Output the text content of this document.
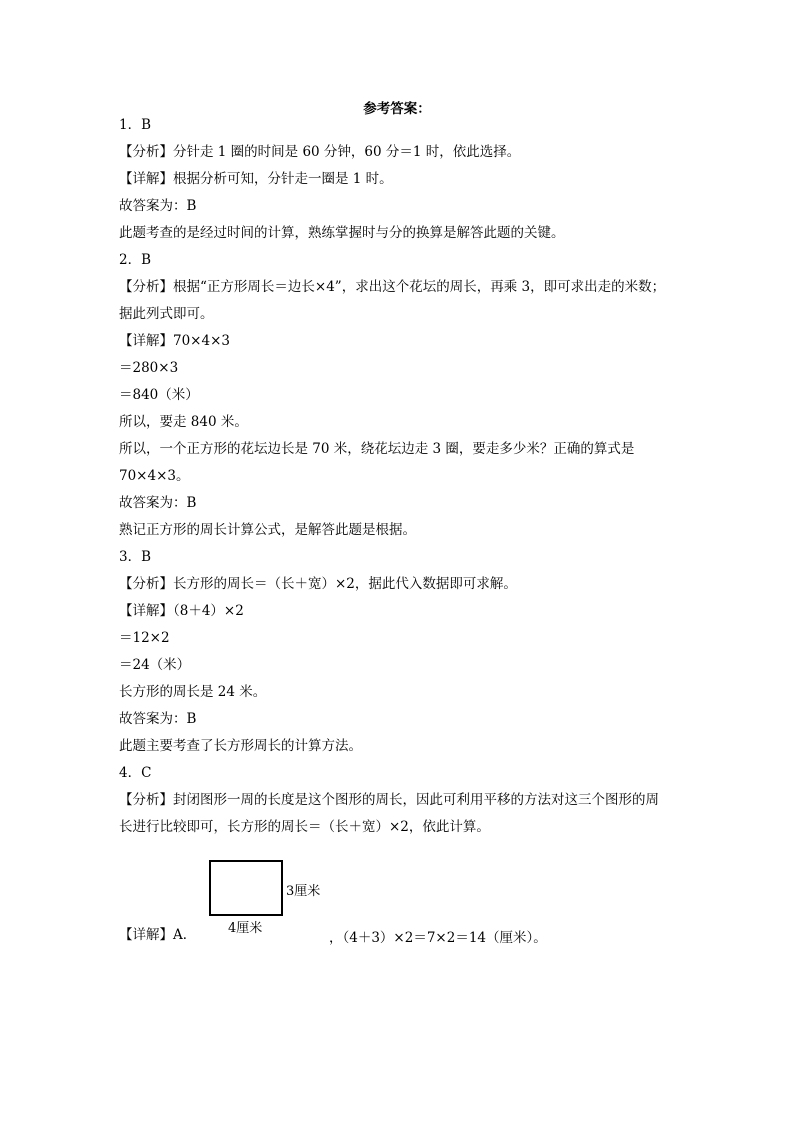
参考答案：
1．B
【分析】分针走 1 圈的时间是 60 分钟，60 分＝1 时，依此选择。
【详解】根据分析可知，分针走一圈是 1 时。
故答案为：B
此题考查的是经过时间的计算，熟练掌握时与分的换算是解答此题的关键。
2．B
【分析】根据“正方形周长＝边长×4”，求出这个花坛的周长，再乘 3，即可求出走的米数；
据此列式即可。
【详解】70×4×3
＝280×3
＝840（米）
所以，要走 840 米。
所以，一个正方形的花坛边长是 70 米，绕花坛边走 3 圈，要走多少米？正确的算式是
70×4×3。
故答案为：B
熟记正方形的周长计算公式，是解答此题是根据。
3．B
【分析】长方形的周长＝（长＋宽）×2，据此代入数据即可求解。
【详解】（8＋4）×2
＝12×2
＝24（米）
长方形的周长是 24 米。
故答案为：B
此题主要考查了长方形周长的计算方法。
4．C
【分析】封闭图形一周的长度是这个图形的周长，因此可利用平移的方法对这三个图形的周
长进行比较即可，长方形的周长＝（长＋宽）×2，依此计算。
【详解】A．
3厘米
4厘米
，（4＋3）×2＝7×2＝14（厘米）。
